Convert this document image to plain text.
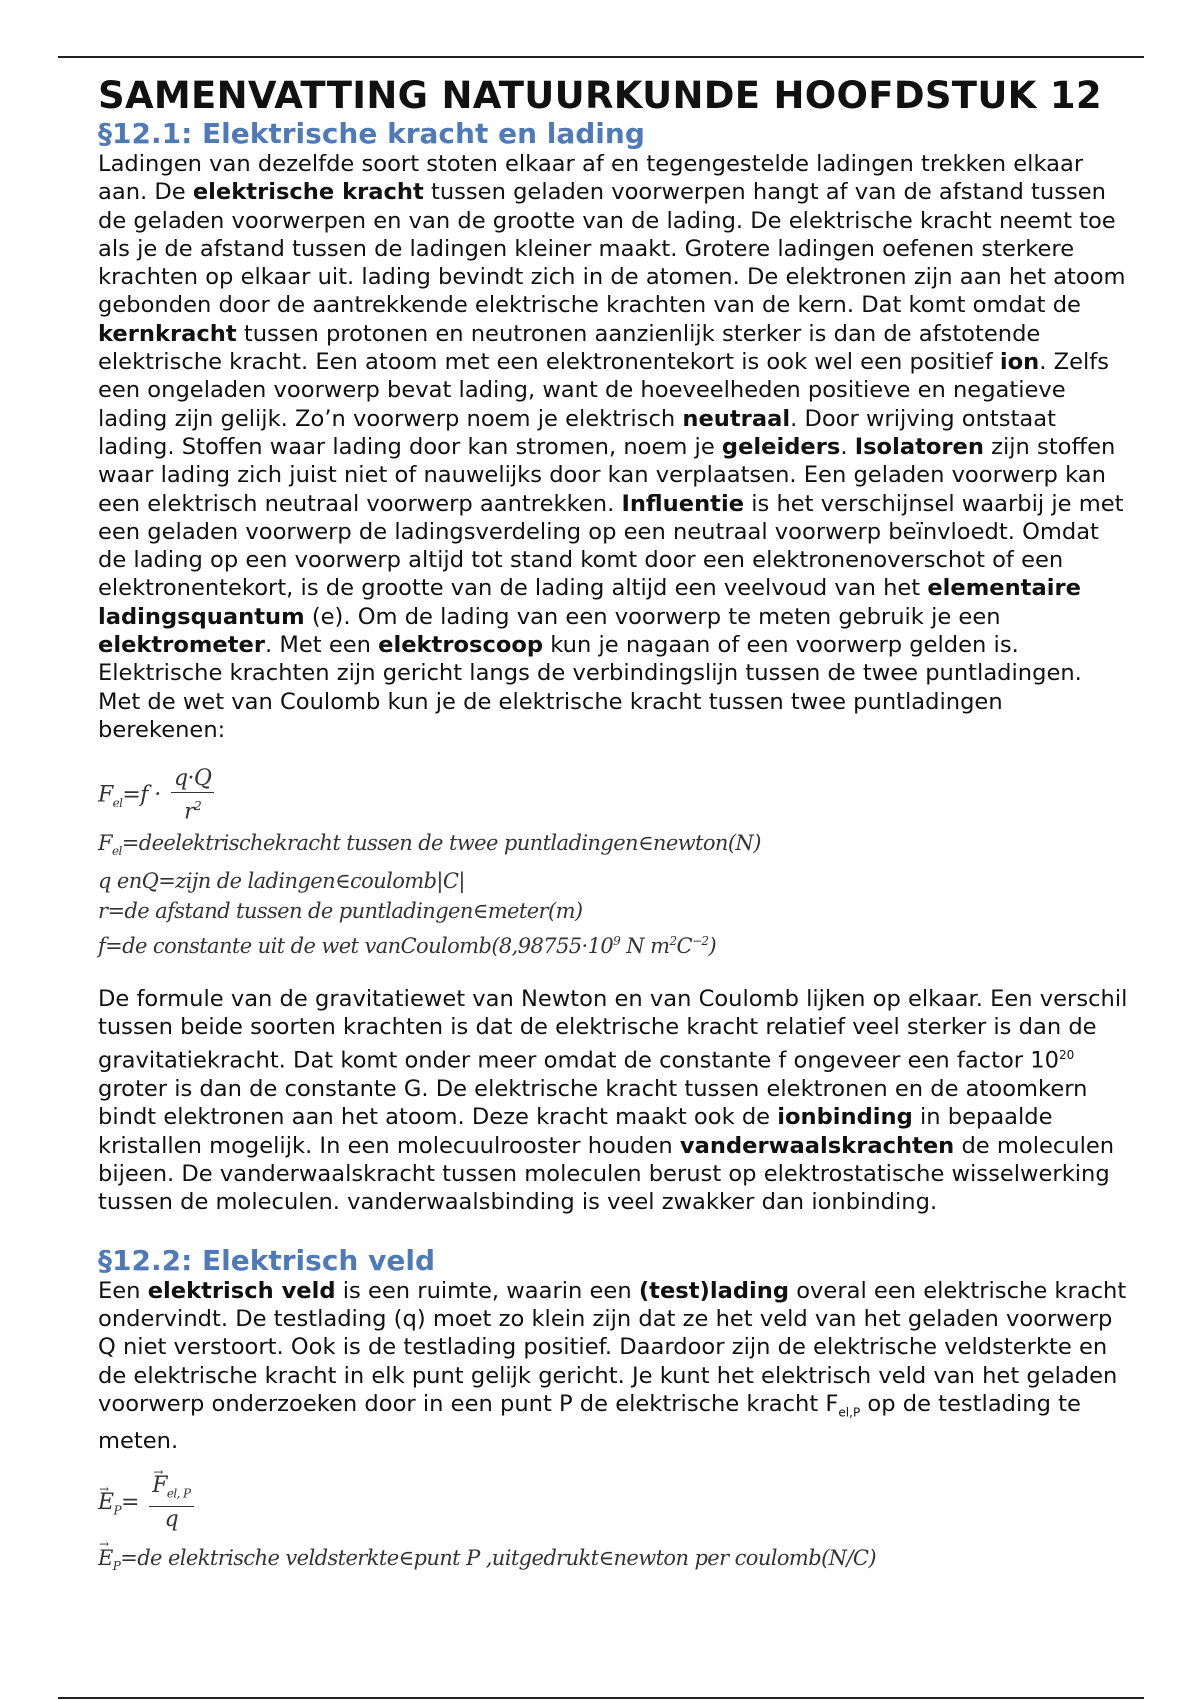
SAMENVATTING NATUURKUNDE HOOFDSTUK 12
§12.1: Elektrische kracht en lading

Ladingen van dezelfde soort stoten elkaar af en tegengestelde ladingen trekken elkaar aan. De elektrische kracht tussen geladen voorwerpen hangt af van de afstand tussen de geladen voorwerpen en van de grootte van de lading. De elektrische kracht neemt toe als je de afstand tussen de ladingen kleiner maakt. Grotere ladingen oefenen sterkere krachten op elkaar uit. lading bevindt zich in de atomen. De elektronen zijn aan het atoom gebonden door de aantrekkende elektrische krachten van de kern. Dat komt omdat de kernkracht tussen protonen en neutronen aanzienlijk sterker is dan de afstotende elektrische kracht. Een atoom met een elektronentekort is ook wel een positief ion. Zelfs een ongeladen voorwerp bevat lading, want de hoeveelheden positieve en negatieve lading zijn gelijk. Zo’n voorwerp noem je elektrisch neutraal. Door wrijving ontstaat lading. Stoffen waar lading door kan stromen, noem je geleiders. Isolatoren zijn stoffen waar lading zich juist niet of nauwelijks door kan verplaatsen. Een geladen voorwerp kan een elektrisch neutraal voorwerp aantrekken. Influentie is het verschijnsel waarbij je met een geladen voorwerp de ladingsverdeling op een neutraal voorwerp beïnvloedt. Omdat de lading op een voorwerp altijd tot stand komt door een elektronenoverschot of een elektronentekort, is de grootte van de lading altijd een veelvoud van het elementaire ladingsquantum (e). Om de lading van een voorwerp te meten gebruik je een elektrometer. Met een elektroscoop kun je nagaan of een voorwerp gelden is. Elektrische krachten zijn gericht langs de verbindingslijn tussen de twee puntladingen. Met de wet van Coulomb kun je de elektrische kracht tussen twee puntladingen berekenen:

$F_{el}=f \cdot \frac{q\cdot Q}{r^2}$
$F_{el}=deelektrischekracht$ tussen de twee puntladingen∈newton(N)
q enQ=zijn de ladingen∈coulomb|C|
r=de afstand tussen de puntladingen∈meter(m)
f=de constante uit de wet $vanCoulomb(8,98755\cdot 10^9$ N $m^2C^{-2}$)

De formule van de gravitatiewet van Newton en van Coulomb lijken op elkaar. Een verschil tussen beide soorten krachten is dat de elektrische kracht relatief veel sterker is dan de gravitatiekracht. Dat komt onder meer omdat de constante f ongeveer een factor $10^{20}$ groter is dan de constante G. De elektrische kracht tussen elektronen en de atoomkern bindt elektronen aan het atoom. Deze kracht maakt ook de ionbinding in bepaalde kristallen mogelijk. In een molecuulrooster houden vanderwaalskrachten de moleculen bijeen. De vanderwaalskracht tussen moleculen berust op elektrostatische wisselwerking tussen de moleculen. vanderwaalsbinding is veel zwakker dan ionbinding.

§12.2: Elektrisch veld

Een elektrisch veld is een ruimte, waarin een (test)lading overal een elektrische kracht ondervindt. De testlading (q) moet zo klein zijn dat ze het veld van het geladen voorwerp Q niet verstoort. Ook is de testlading positief. Daardoor zijn de elektrische veldsterkte en de elektrische kracht in elk punt gelijk gericht. Je kunt het elektrisch veld van het geladen voorwerp onderzoeken door in een punt P de elektrische kracht $F_{el,P}$ op de testlading te meten.

→ $E_P=$
→ $\frac{F_{el, P}}{q}$
→ $E_P=de$ elektrische veldsterkte∈punt P ,uitgedrukt∈newton per coulomb(N/C)
